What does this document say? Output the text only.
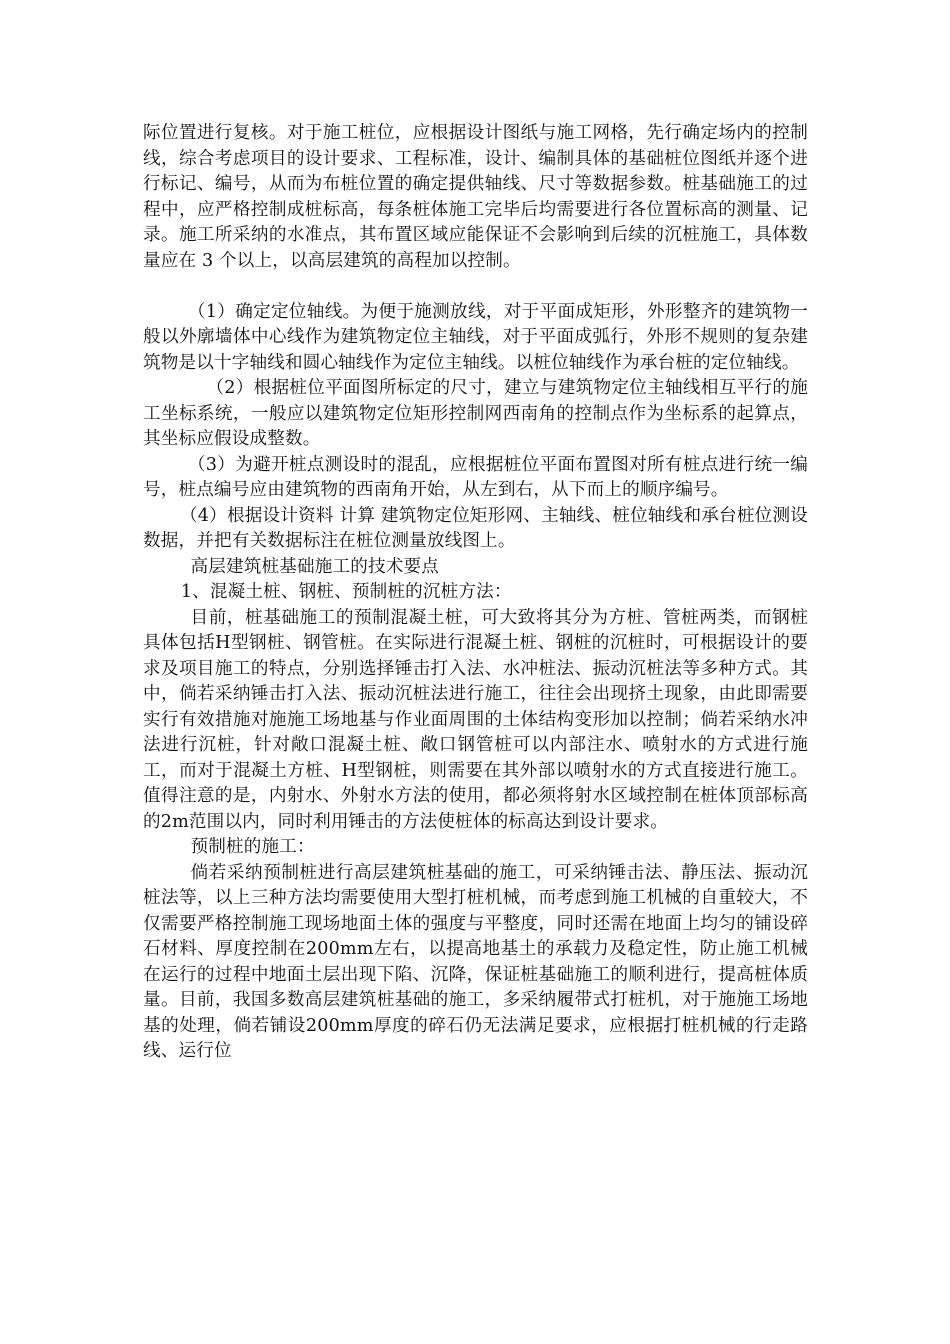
际位置进行复核。对于施工桩位，应根据设计图纸与施工网格，先行确定场内的控制线，综合考虑项目的设计要求、工程标准，设计、编制具体的基础桩位图纸并逐个进行标记、编号，从而为布桩位置的确定提供轴线、尺寸等数据参数。桩基础施工的过程中，应严格控制成桩标高，每条桩体施工完毕后均需要进行各位置标高的测量、记录。施工所采纳的水准点，其布置区域应能保证不会影响到后续的沉桩施工，具体数量应在 3 个以上，以高层建筑的高程加以控制。

（1）确定定位轴线。为便于施测放线，对于平面成矩形，外形整齐的建筑物一般以外廓墙体中心线作为建筑物定位主轴线，对于平面成弧行，外形不规则的复杂建筑物是以十字轴线和圆心轴线作为定位主轴线。以桩位轴线作为承台桩的定位轴线。

（2）根据桩位平面图所标定的尺寸，建立与建筑物定位主轴线相互平行的施工坐标系统，一般应以建筑物定位矩形控制网西南角的控制点作为坐标系的起算点，其坐标应假设成整数。

（3）为避开桩点测设时的混乱，应根据桩位平面布置图对所有桩点进行统一编号，桩点编号应由建筑物的西南角开始，从左到右，从下而上的顺序编号。

（4）根据设计资料 计算 建筑物定位矩形网、主轴线、桩位轴线和承台桩位测设数据，并把有关数据标注在桩位测量放线图上。

高层建筑桩基础施工的技术要点

1、混凝土桩、钢桩、预制桩的沉桩方法：

目前，桩基础施工的预制混凝土桩，可大致将其分为方桩、管桩两类，而钢桩具体包括H型钢桩、钢管桩。在实际进行混凝土桩、钢桩的沉桩时，可根据设计的要求及项目施工的特点，分别选择锤击打入法、水冲桩法、振动沉桩法等多种方式。其中，倘若采纳锤击打入法、振动沉桩法进行施工，往往会出现挤土现象，由此即需要实行有效措施对施施工场地基与作业面周围的土体结构变形加以控制；倘若采纳水冲法进行沉桩，针对敞口混凝土桩、敞口钢管桩可以内部注水、喷射水的方式进行施工，而对于混凝土方桩、H型钢桩，则需要在其外部以喷射水的方式直接进行施工。值得注意的是，内射水、外射水方法的使用，都必须将射水区域控制在桩体顶部标高的2m范围以内，同时利用锤击的方法使桩体的标高达到设计要求。

预制桩的施工：

倘若采纳预制桩进行高层建筑桩基础的施工，可采纳锤击法、静压法、振动沉桩法等，以上三种方法均需要使用大型打桩机械，而考虑到施工机械的自重较大，不仅需要严格控制施工现场地面土体的强度与平整度，同时还需在地面上均匀的铺设碎石材料、厚度控制在200mm左右，以提高地基土的承载力及稳定性，防止施工机械在运行的过程中地面土层出现下陷、沉降，保证桩基础施工的顺利进行，提高桩体质量。目前，我国多数高层建筑桩基础的施工，多采纳履带式打桩机，对于施施工场地基的处理，倘若铺设200mm厚度的碎石仍无法满足要求，应根据打桩机械的行走路线、运行位
